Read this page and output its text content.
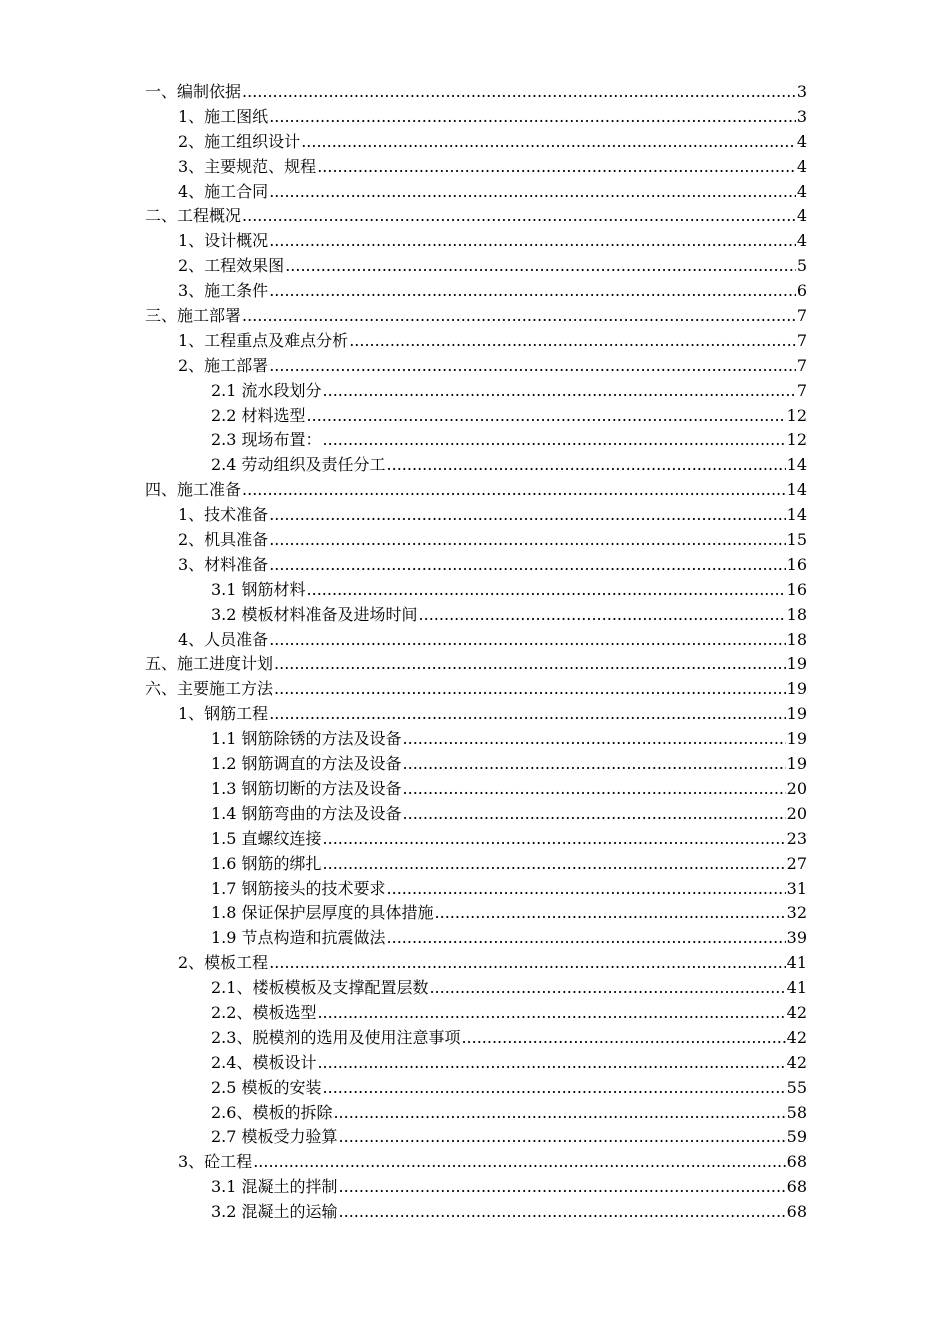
一、编制依据 .....	3
1、施工图纸 .....	3
2、施工组织设计 .....	4
3、主要规范、规程 .....	4
4、施工合同 .....	4
二、工程概况 .....	4
1、设计概况 .....	4
2、工程效果图 .....	5
3、施工条件 .....	6
三、施工部署 .....	7
1、工程重点及难点分析 .....	7
2、施工部署 .....	7
2.1 流水段划分 .....	7
2.2 材料选型 .....	12
2.3 现场布置： .....	12
2.4 劳动组织及责任分工 .....	14
四、施工准备 .....	14
1、技术准备 .....	14
2、机具准备 .....	15
3、材料准备 .....	16
3.1 钢筋材料 .....	16
3.2 模板材料准备及进场时间 .....	18
4、人员准备 .....	18
五、施工进度计划 .....	19
六、主要施工方法 .....	19
1、钢筋工程 .....	19
1.1 钢筋除锈的方法及设备 .....	19
1.2 钢筋调直的方法及设备 .....	19
1.3 钢筋切断的方法及设备 .....	20
1.4 钢筋弯曲的方法及设备 .....	20
1.5 直螺纹连接 .....	23
1.6 钢筋的绑扎 .....	27
1.7 钢筋接头的技术要求 .....	31
1.8 保证保护层厚度的具体措施 .....	32
1.9 节点构造和抗震做法 .....	39
2、模板工程 .....	41
2.1、楼板模板及支撑配置层数 .....	41
2.2、模板选型 .....	42
2.3、脱模剂的选用及使用注意事项 .....	42
2.4、模板设计 .....	42
2.5 模板的安装 .....	55
2.6、模板的拆除 .....	58
2.7 模板受力验算 .....	59
3、砼工程 .....	68
3.1 混凝土的拌制 .....	68
3.2 混凝土的运输 .....	68
